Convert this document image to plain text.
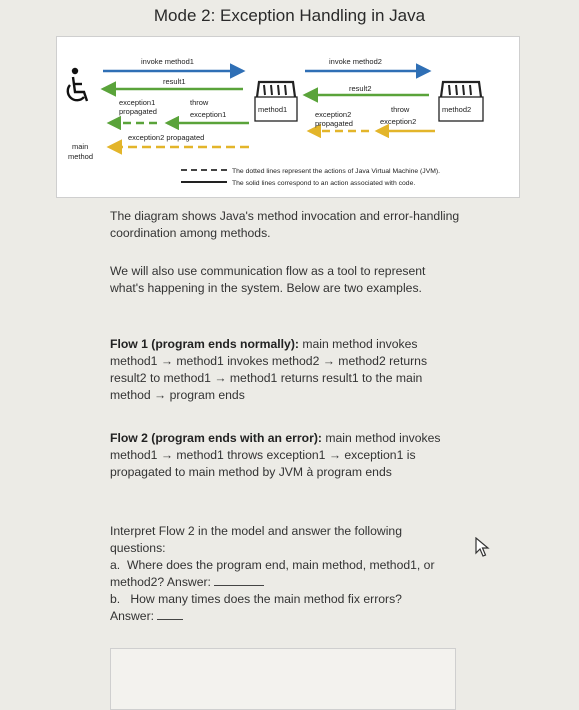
Mode 2: Exception Handling in Java
invoke method1
result1
exception1
propagated
throw
exception1
exception2 propagated
main
method
method1
invoke method2
result2
exception2
propagated
throw
exception2
method2
The dotted lines represent the actions of Java Virtual Machine (JVM).
The solid lines correspond to an action associated with code.

The diagram shows Java's method invocation and error-handling coordination among methods.

We will also use communication flow as a tool to represent what's happening in the system. Below are two examples.

Flow 1 (program ends normally): main method invokes method1 → method1 invokes method2 → method2 returns result2 to method1 → method1 returns result1 to the main method → program ends

Flow 2 (program ends with an error): main method invokes method1 → method1 throws exception1 → exception1 is propagated to main method by JVM à program ends

Interpret Flow 2 in the model and answer the following questions:

a. Where does the program end, main method, method1, or method2? Answer:

b. How many times does the main method fix errors?

Answer:
